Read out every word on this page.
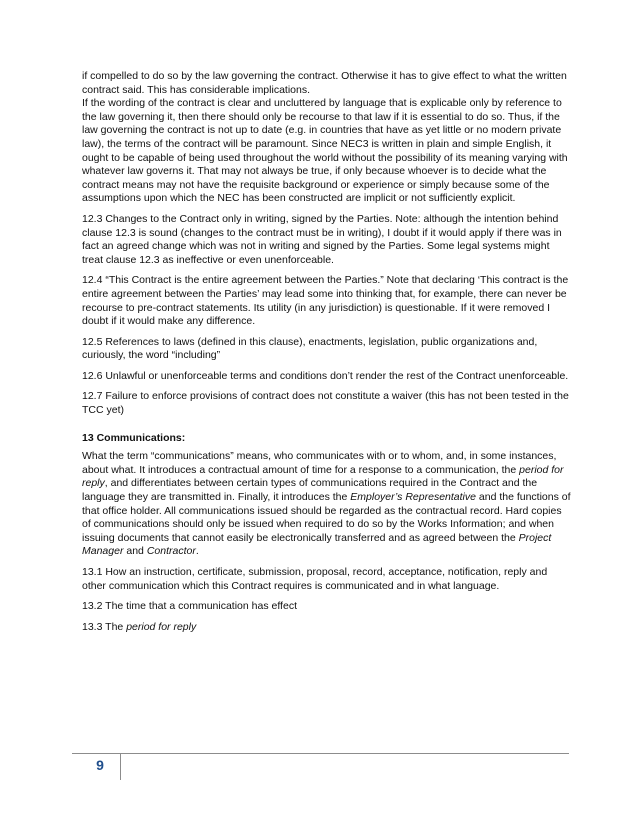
if compelled to do so by the law governing the contract. Otherwise it has to give effect to what the written contract said. This has considerable implications.

If the wording of the contract is clear and uncluttered by language that is explicable only by reference to the law governing it, then there should only be recourse to that law if it is essential to do so. Thus, if the law governing the contract is not up to date (e.g. in countries that have as yet little or no modern private law), the terms of the contract will be paramount. Since NEC3 is written in plain and simple English, it ought to be capable of being used throughout the world without the possibility of its meaning varying with whatever law governs it. That may not always be true, if only because whoever is to decide what the contract means may not have the requisite background or experience or simply because some of the assumptions upon which the NEC has been constructed are implicit or not sufficiently explicit.

12.3 Changes to the Contract only in writing, signed by the Parties. Note: although the intention behind clause 12.3 is sound (changes to the contract must be in writing), I doubt if it would apply if there was in fact an agreed change which was not in writing and signed by the Parties. Some legal systems might treat clause 12.3 as ineffective or even unenforceable.

12.4 “This Contract is the entire agreement between the Parties.” Note that declaring ‘This contract is the entire agreement between the Parties’ may lead some into thinking that, for example, there can never be recourse to pre-contract statements. Its utility (in any jurisdiction) is questionable. If it were removed I doubt if it would make any difference.

12.5 References to laws (defined in this clause), enactments, legislation, public organizations and, curiously, the word “including”

12.6 Unlawful or unenforceable terms and conditions don’t render the rest of the Contract unenforceable.

12.7 Failure to enforce provisions of contract does not constitute a waiver (this has not been tested in the TCC yet)

13 Communications:

What the term “communications” means, who communicates with or to whom, and, in some instances, about what. It introduces a contractual amount of time for a response to a communication, the period for reply, and differentiates between certain types of communications required in the Contract and the language they are transmitted in. Finally, it introduces the Employer’s Representative and the functions of that office holder. All communications issued should be regarded as the contractual record. Hard copies of communications should only be issued when required to do so by the Works Information; and when issuing documents that cannot easily be electronically transferred and as agreed between the Project Manager and Contractor.

13.1 How an instruction, certificate, submission, proposal, record, acceptance, notification, reply and other communication which this Contract requires is communicated and in what language.

13.2 The time that a communication has effect

13.3 The period for reply

9
